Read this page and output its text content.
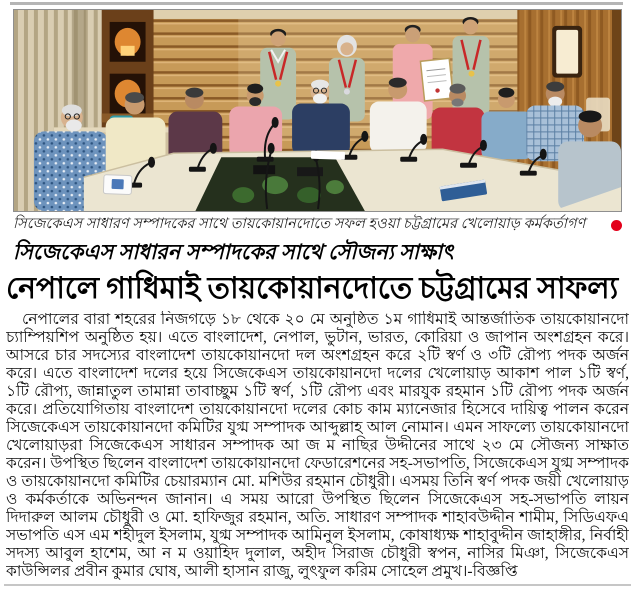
সিজেকেএস সাধারণ সম্পাদকের সাথে তায়কোয়ানদোতে সফল হওয়া চট্টগ্রামের খেলোয়াড় কর্মকর্তাগণ
সিজেকেএস সাধারন সম্পাদকের সাথে সৌজন্য সাক্ষাৎ
নেপালে গাধিমাই তায়কোয়ানদোতে চট্টগ্রামের সাফল্য
নেপালের বারা শহরের নিজগড়ে ১৮ থেকে ২০ মে অনুষ্ঠিত ১ম গাধিমাই আন্তর্জাতিক তায়কোয়ানদো চ্যাম্পিয়শিপ অনুষ্ঠিত হয়। এতে বাংলাদেশ, নেপাল, ভুটান, ভারত, কোরিয়া ও জাপান অংশগ্রহন করে। আসরে চার সদস্যের বাংলাদেশ তায়কোয়ানদো দল অংশগ্রহন করে ২টি স্বর্ণ ও ৩টি রৌপ্য পদক অর্জন করে। এতে বাংলাদেশ দলের হয়ে সিজেকেএস তায়কোয়ানদো দলের খেলোয়াড় আকাশ পাল ১টি স্বর্ণ, ১টি রৌপ্য, জান্নাতুল তামান্না তাবাচ্ছুম ১টি স্বর্ণ, ১টি রৌপ্য এবং মারযুক রহমান ১টি রৌপ্য পদক অর্জন করে। প্রতিযোগিতায় বাংলাদেশ তায়কোয়ানদো দলের কোচ কাম ম্যানেজার হিসেবে দায়িত্ব পালন করেন সিজেকেএস তায়কোয়ানদো কমিটির যুগ্ম সম্পাদক আব্দুল্লাহ আল নোমান। এমন সাফল্যে তায়কোয়ানদো খেলোয়াড়রা সিজেকেএস সাধারন সম্পাদক আ জ ম নাছির উদ্দীনের সাথে ২৩ মে সৌজন্য সাক্ষাত করেন। উপস্থিত ছিলেন বাংলাদেশ তায়কোয়ানদো ফেডারেশনের সহ-সভাপতি, সিজেকেএস যুগ্ম সম্পাদক ও তায়কোয়ানদো কমিটির চেয়ারম্যান মো. মশিউর রহমান চৌধুরী। এসময় তিনি স্বর্ণ পদক জয়ী খেলোয়াড় ও কর্মকর্তাকে অভিনন্দন জানান। এ সময় আরো উপস্থিত ছিলেন সিজেকেএস সহ-সভাপতি লায়ন দিদারুল আলম চৌধুরী ও মো. হাফিজুর রহমান, অতি. সাধারণ সম্পাদক শাহাবউদ্দীন শামীম, সিডিএফএ সভাপতি এস এম শহীদুল ইসলাম, যুগ্ম সম্পাদক আমিনুল ইসলাম, কোষাধ্যক্ষ শাহাবুদ্দীন জাহাঙ্গীর, নির্বাহী সদস্য আবুল হাশেম, আ ন ম ওয়াহিদ দুলাল, অহীদ সিরাজ চৌধুরী স্বপন, নাসির মিঞা, সিজেকেএস কাউন্সিলর প্রবীন কুমার ঘোষ, আলী হাসান রাজু, লুৎফুল করিম সোহেল প্রমুখ।-বিজ্ঞপ্তি
